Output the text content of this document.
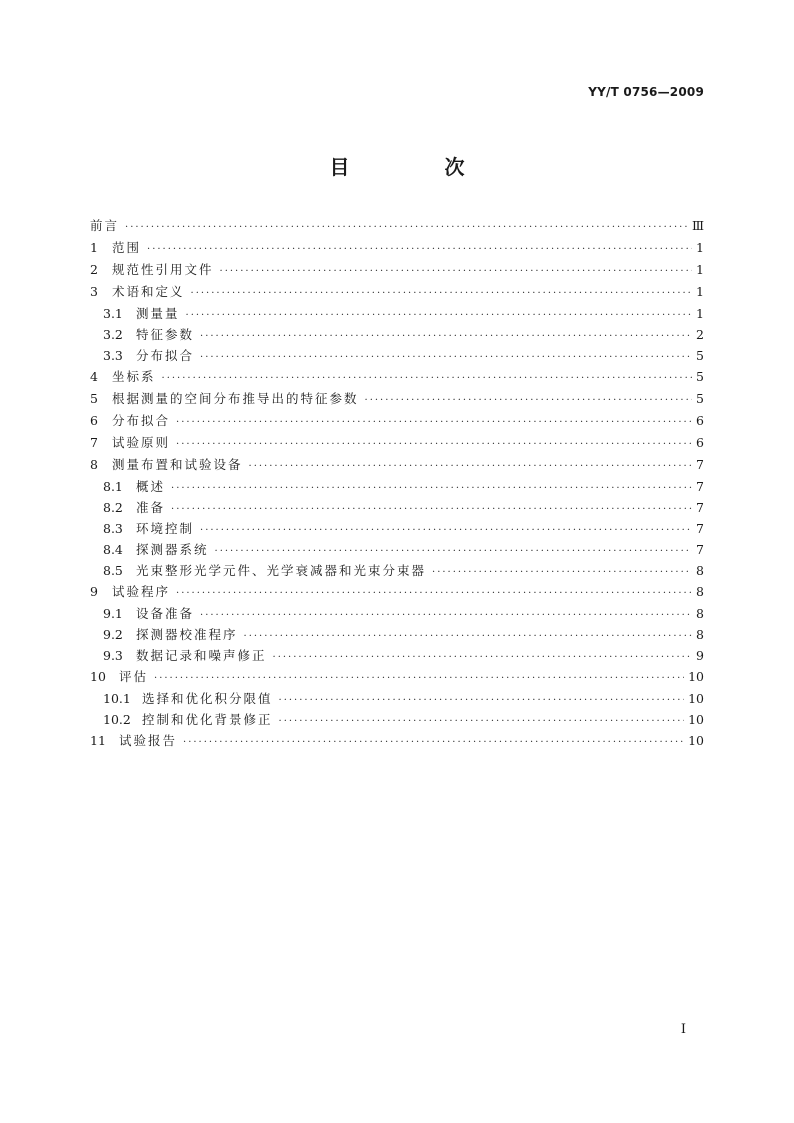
YY/T 0756—2009
目 次
前言 ·····	Ⅲ
1	范围 ·····	1
2	规范性引用文件 ·····	1
3	术语和定义 ·····	1
3.1	测量量 ·····	1
3.2	特征参数 ·····	2
3.3	分布拟合 ·····	5
4	坐标系 ·····	5
5	根据测量的空间分布推导出的特征参数 ·····	5
6	分布拟合 ·····	6
7	试验原则 ·····	6
8	测量布置和试验设备 ·····	7
8.1	概述 ·····	7
8.2	准备 ·····	7
8.3	环境控制 ·····	7
8.4	探测器系统 ·····	7
8.5	光束整形光学元件、光学衰减器和光束分束器 ·····	8
9	试验程序 ·····	8
9.1	设备准备 ·····	8
9.2	探测器校准程序 ·····	8
9.3	数据记录和噪声修正 ·····	9
10	评估 ·····	10
10.1 选择和优化积分限值 ·····	10
10.2 控制和优化背景修正 ·····	10
11	试验报告 ·····	10
I
